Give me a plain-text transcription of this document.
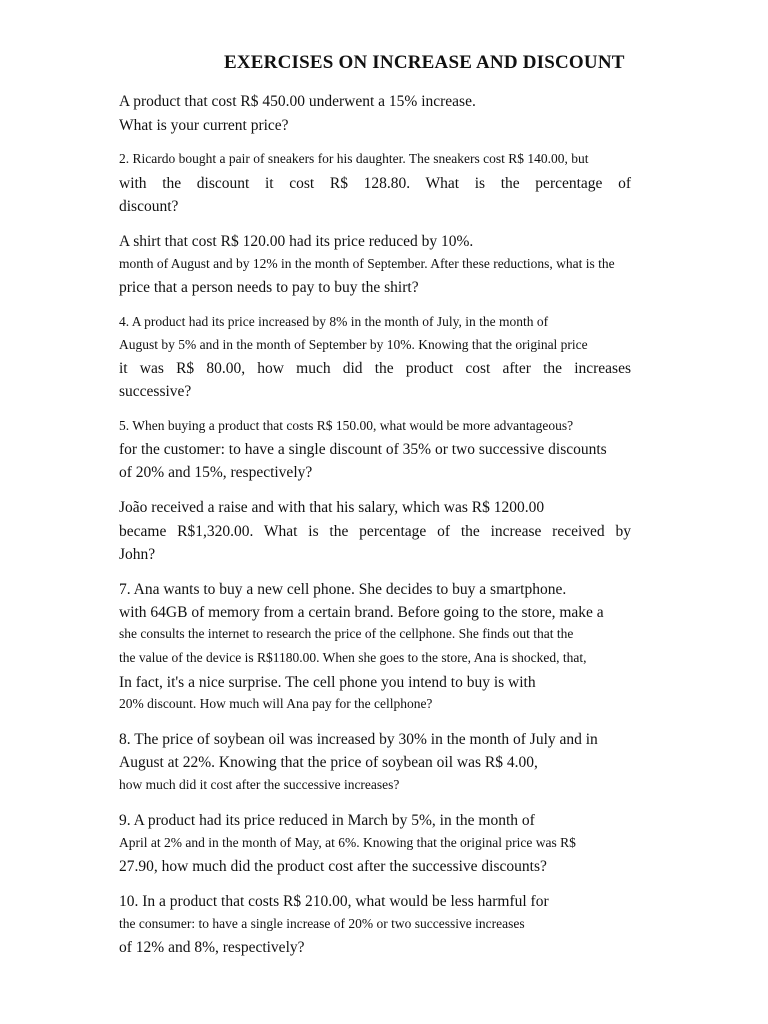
EXERCISES ON INCREASE AND DISCOUNT
A product that cost R$ 450.00 underwent a 15% increase.
What is your current price?
2. Ricardo bought a pair of sneakers for his daughter. The sneakers cost R$ 140.00, but
with the discount it cost R$ 128.80. What is the percentage of
discount?
A shirt that cost R$ 120.00 had its price reduced by 10%.
month of August and by 12% in the month of September. After these reductions, what is the
price that a person needs to pay to buy the shirt?
4. A product had its price increased by 8% in the month of July, in the month of
August by 5% and in the month of September by 10%. Knowing that the original price
it was R$ 80.00, how much did the product cost after the increases
successive?
5. When buying a product that costs R$ 150.00, what would be more advantageous?
for the customer: to have a single discount of 35% or two successive discounts
of 20% and 15%, respectively?
João received a raise and with that his salary, which was R$ 1200.00
became R$1,320.00. What is the percentage of the increase received by
John?
7. Ana wants to buy a new cell phone. She decides to buy a smartphone.
with 64GB of memory from a certain brand. Before going to the store, make a
she consults the internet to research the price of the cellphone. She finds out that the
the value of the device is R$1180.00. When she goes to the store, Ana is shocked, that,
In fact, it's a nice surprise. The cell phone you intend to buy is with
20% discount. How much will Ana pay for the cellphone?
8. The price of soybean oil was increased by 30% in the month of July and in
August at 22%. Knowing that the price of soybean oil was R$ 4.00,
how much did it cost after the successive increases?
9. A product had its price reduced in March by 5%, in the month of
April at 2% and in the month of May, at 6%. Knowing that the original price was R$
27.90, how much did the product cost after the successive discounts?
10. In a product that costs R$ 210.00, what would be less harmful for
the consumer: to have a single increase of 20% or two successive increases
of 12% and 8%, respectively?
